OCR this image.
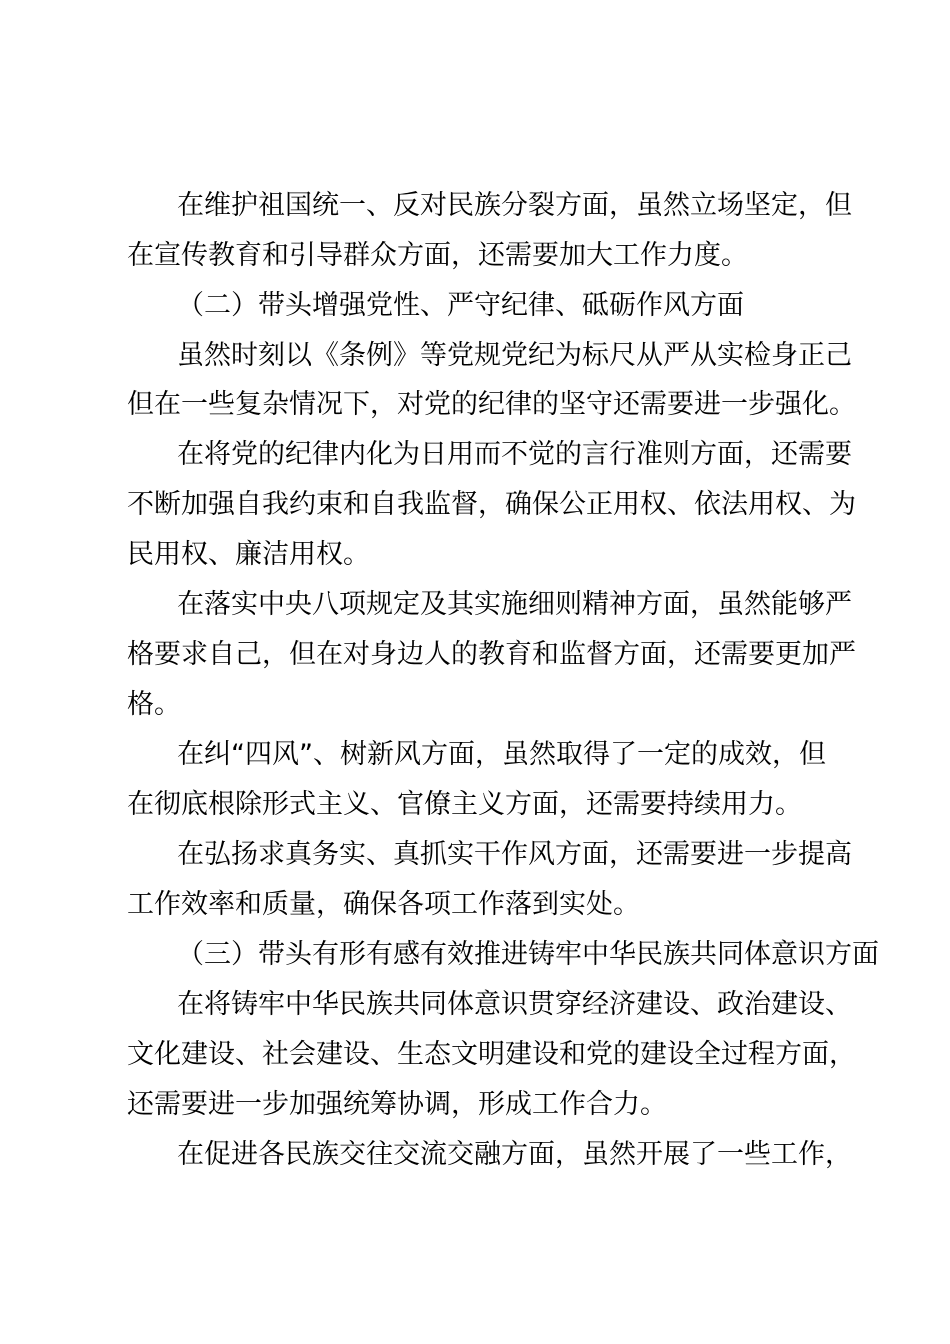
在维护祖国统一、反对民族分裂方面，虽然立场坚定，但
在宣传教育和引导群众方面，还需要加大工作力度。
（二）带头增强党性、严守纪律、砥砺作风方面
虽然时刻以《条例》等党规党纪为标尺从严从实检身正己
但在一些复杂情况下，对党的纪律的坚守还需要进一步强化。
在将党的纪律内化为日用而不觉的言行准则方面，还需要
不断加强自我约束和自我监督，确保公正用权、依法用权、为
民用权、廉洁用权。
在落实中央八项规定及其实施细则精神方面，虽然能够严
格要求自己，但在对身边人的教育和监督方面，还需要更加严
格。
在纠“四风”、树新风方面，虽然取得了一定的成效，但
在彻底根除形式主义、官僚主义方面，还需要持续用力。
在弘扬求真务实、真抓实干作风方面，还需要进一步提高
工作效率和质量，确保各项工作落到实处。
（三）带头有形有感有效推进铸牢中华民族共同体意识方面
在将铸牢中华民族共同体意识贯穿经济建设、政治建设、
文化建设、社会建设、生态文明建设和党的建设全过程方面，
还需要进一步加强统筹协调，形成工作合力。
在促进各民族交往交流交融方面，虽然开展了一些工作，
